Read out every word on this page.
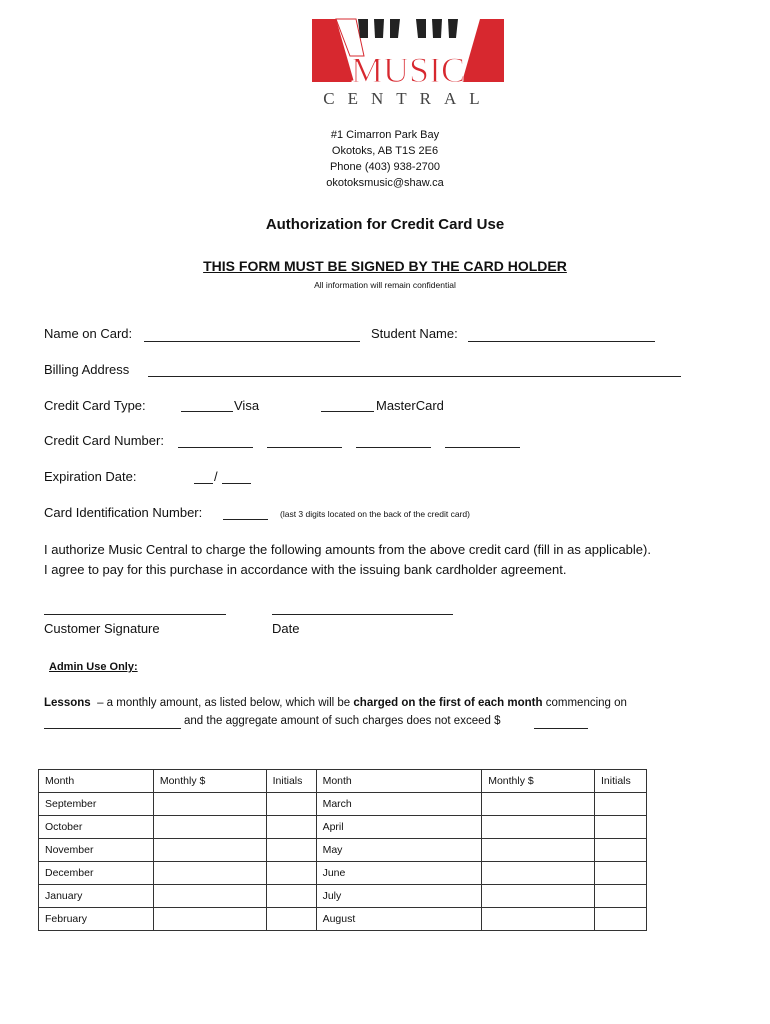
MUSIC
CENTRAL
#1 Cimarron Park Bay
Okotoks, AB T1S 2E6
Phone (403) 938-2700
okotoksmusic@shaw.ca
Authorization for Credit Card Use
THIS FORM MUST BE SIGNED BY THE CARD HOLDER
All information will remain confidential
Name on Card:	Student Name:
Billing Address
Credit Card Type:	Visa	MasterCard
Credit Card Number:
Expiration Date:	/
Card Identification Number:	(last 3 digits located on the back of the credit card)
I authorize Music Central to charge the following amounts from the above credit card (fill in as applicable).
I agree to pay for this purchase in accordance with the issuing bank cardholder agreement.
Customer Signature	Date
Admin Use Only:
Lessons – a monthly amount, as listed below, which will be charged on the first of each month commencing on
and the aggregate amount of such charges does not exceed $
Month	Monthly $	Initials	Month	Monthly $	Initials
September			March		
October			April		
November			May		
December			June		
January			July		
February			August		
